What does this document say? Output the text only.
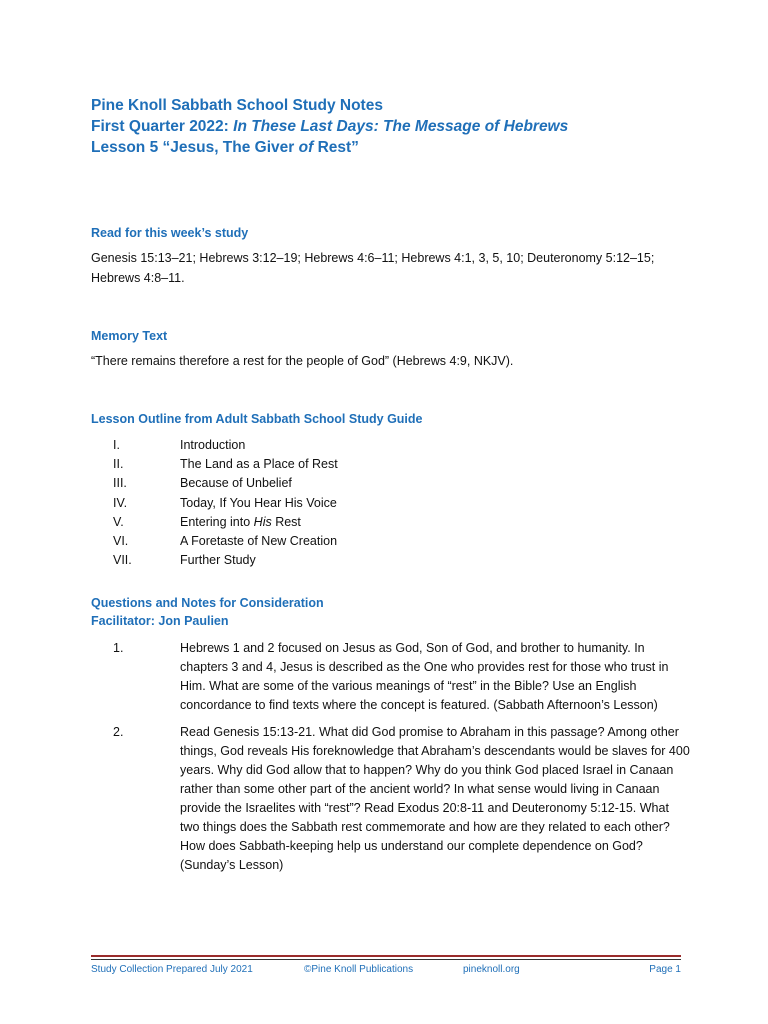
Pine Knoll Sabbath School Study Notes
First Quarter 2022: In These Last Days: The Message of Hebrews
Lesson 5 “Jesus, The Giver of Rest”

Read for this week’s study

Genesis 15:13–21; Hebrews 3:12–19; Hebrews 4:6–11; Hebrews 4:1, 3, 5, 10; Deuteronomy 5:12–15; Hebrews 4:8–11.

Memory Text

“There remains therefore a rest for the people of God” (Hebrews 4:9, NKJV).

Lesson Outline from Adult Sabbath School Study Guide

I.	Introduction
II.	The Land as a Place of Rest
III.	Because of Unbelief
IV.	Today, If You Hear His Voice
V.	Entering into His Rest
VI.	A Foretaste of New Creation
VII.	Further Study

Questions and Notes for Consideration

Facilitator: Jon Paulien

1.	Hebrews 1 and 2 focused on Jesus as God, Son of God, and brother to humanity. In chapters 3 and 4, Jesus is described as the One who provides rest for those who trust in Him. What are some of the various meanings of “rest” in the Bible? Use an English concordance to find texts where the concept is featured. (Sabbath Afternoon’s Lesson)
2.	Read Genesis 15:13-21. What did God promise to Abraham in this passage? Among other things, God reveals His foreknowledge that Abraham’s descendants would be slaves for 400 years. Why did God allow that to happen? Why do you think God placed Israel in Canaan rather than some other part of the ancient world? In what sense would living in Canaan provide the Israelites with “rest”? Read Exodus 20:8-11 and Deuteronomy 5:12-15. What two things does the Sabbath rest commemorate and how are they related to each other? How does Sabbath-keeping help us understand our complete dependence on God? (Sunday’s Lesson)
Study Collection Prepared July 2021	©Pine Knoll Publications	pineknoll.org	Page 1
